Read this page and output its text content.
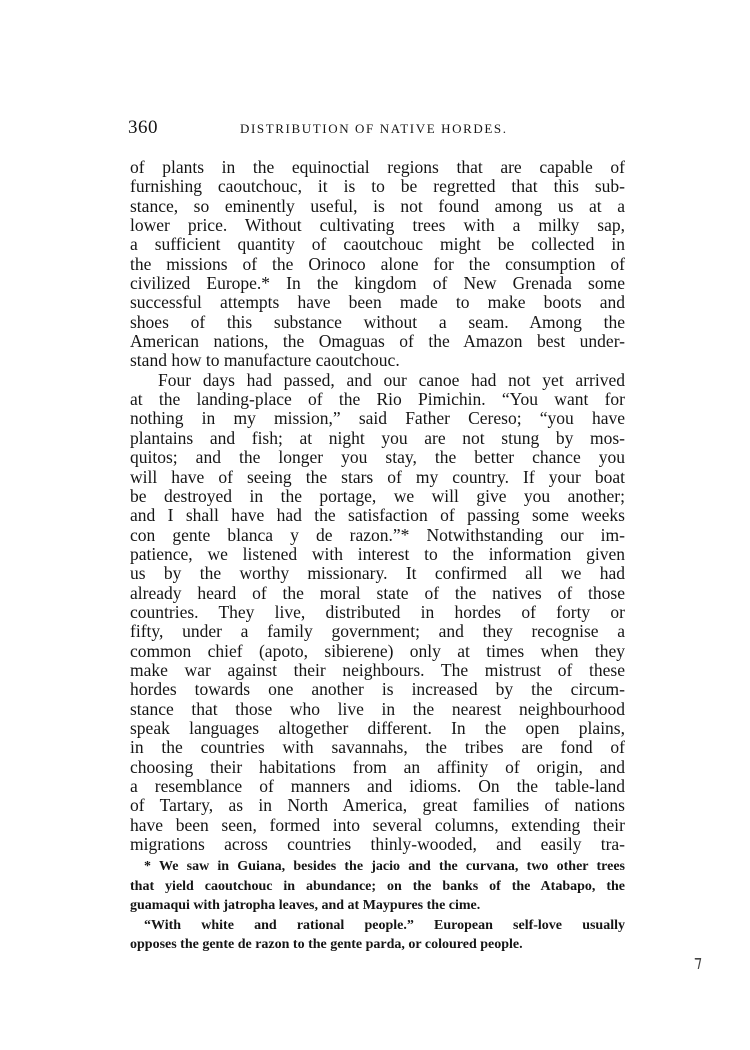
360	DISTRIBUTION OF NATIVE HORDES.
of plants in the equinoctial regions that are capable of
furnishing caoutchouc, it is to be regretted that this sub-
stance, so eminently useful, is not found among us at a
lower price. Without cultivating trees with a milky sap,
a sufficient quantity of caoutchouc might be collected in
the missions of the Orinoco alone for the consumption of
civilized Europe.* In the kingdom of New Grenada some
successful attempts have been made to make boots and
shoes of this substance without a seam. Among the
American nations, the Omaguas of the Amazon best under-
stand how to manufacture caoutchouc.
Four days had passed, and our canoe had not yet arrived
at the landing-place of the Rio Pimichin. “You want for
nothing in my mission,” said Father Cereso; “you have
plantains and fish; at night you are not stung by mos-
quitos; and the longer you stay, the better chance you
will have of seeing the stars of my country. If your boat
be destroyed in the portage, we will give you another;
and I shall have had the satisfaction of passing some weeks
con gente blanca y de razon.”* Notwithstanding our im-
patience, we listened with interest to the information given
us by the worthy missionary. It confirmed all we had
already heard of the moral state of the natives of those
countries. They live, distributed in hordes of forty or
fifty, under a family government; and they recognise a
common chief (apoto, sibierene) only at times when they
make war against their neighbours. The mistrust of these
hordes towards one another is increased by the circum-
stance that those who live in the nearest neighbourhood
speak languages altogether different. In the open plains,
in the countries with savannahs, the tribes are fond of
choosing their habitations from an affinity of origin, and
a resemblance of manners and idioms. On the table-land
of Tartary, as in North America, great families of nations
have been seen, formed into several columns, extending their
migrations across countries thinly-wooded, and easily tra-
* We saw in Guiana, besides the jacio and the curvana, two other trees
that yield caoutchouc in abundance; on the banks of the Atabapo, the
guamaqui with jatropha leaves, and at Maypures the cime.
“With white and rational people.” European self-love usually
opposes the gente de razon to the gente parda, or coloured people.
⁊
